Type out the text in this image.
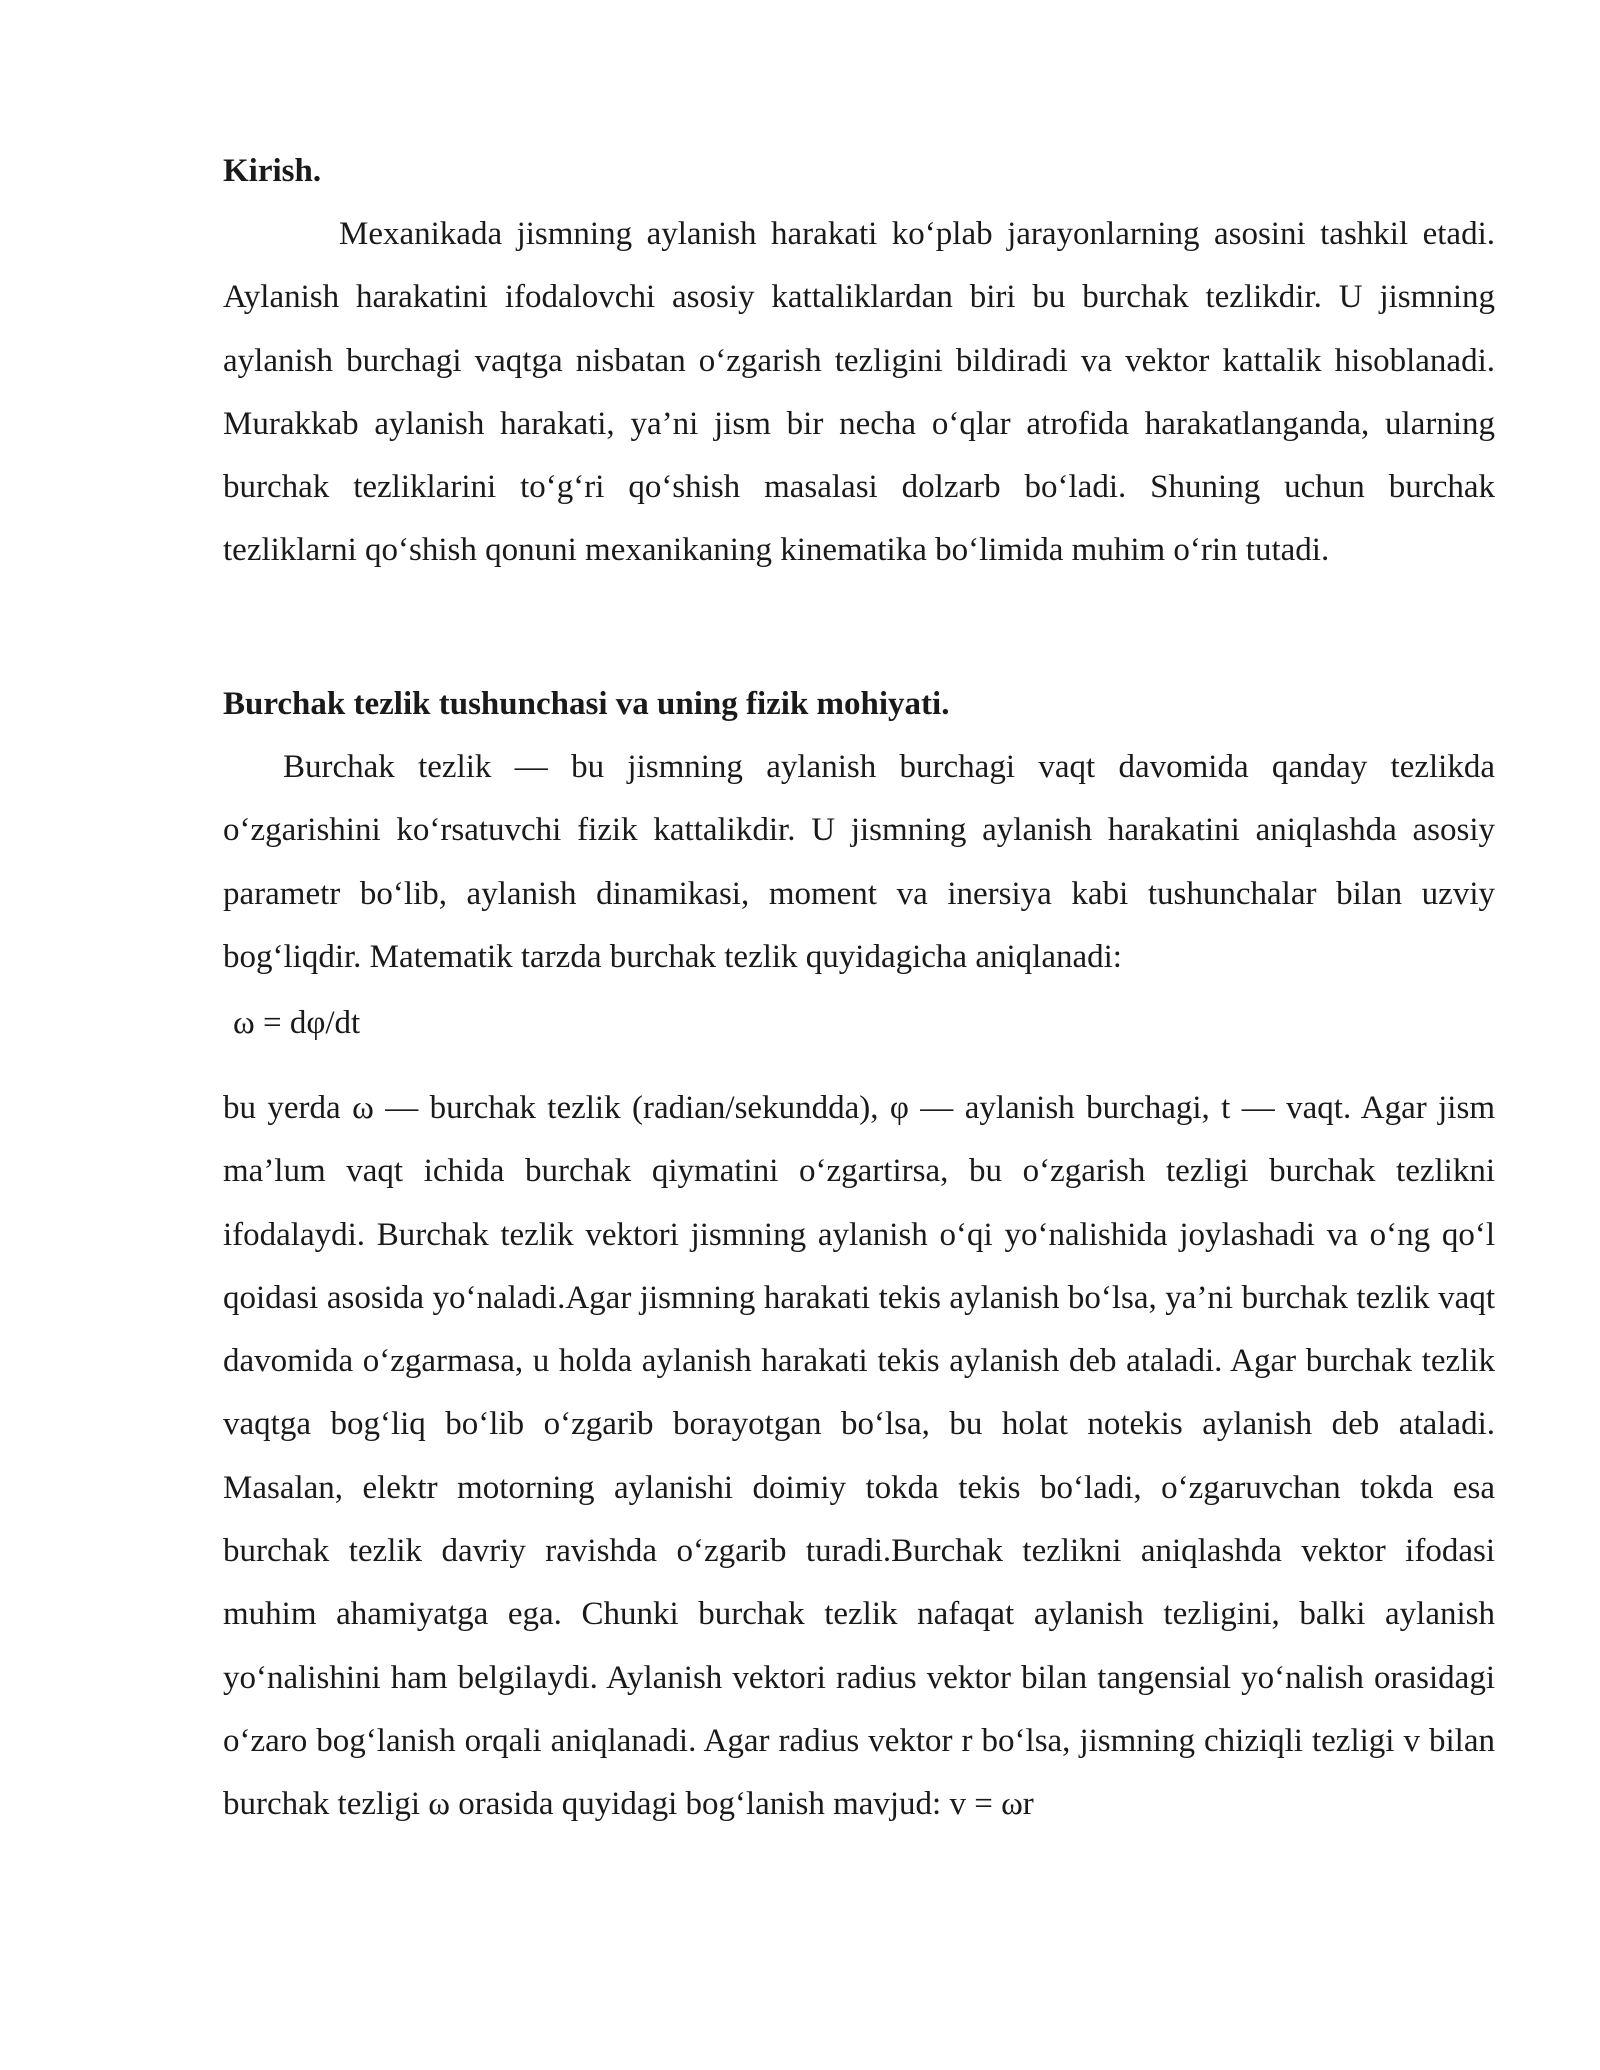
Kirish.

Mexanikada jismning aylanish harakati ko‘plab jarayonlarning asosini tashkil etadi. Aylanish harakatini ifodalovchi asosiy kattaliklardan biri bu burchak tezlikdir. U jismning aylanish burchagi vaqtga nisbatan o‘zgarish tezligini bildiradi va vektor kattalik hisoblanadi. Murakkab aylanish harakati, ya’ni jism bir necha o‘qlar atrofida harakatlanganda, ularning burchak tezliklarini to‘g‘ri qo‘shish masalasi dolzarb bo‘ladi. Shuning uchun burchak tezliklarni qo‘shish qonuni mexanikaning kinematika bo‘limida muhim o‘rin tutadi.

Burchak tezlik tushunchasi va uning fizik mohiyati.

Burchak tezlik — bu jismning aylanish burchagi vaqt davomida qanday tezlikda o‘zgarishini ko‘rsatuvchi fizik kattalikdir. U jismning aylanish harakatini aniqlashda asosiy parametr bo‘lib, aylanish dinamikasi, moment va inersiya kabi tushunchalar bilan uzviy bog‘liqdir. Matematik tarzda burchak tezlik quyidagicha aniqlanadi:

ω = dφ/dt

bu yerda ω — burchak tezlik (radian/sekundda), φ — aylanish burchagi, t — vaqt. Agar jism ma’lum vaqt ichida burchak qiymatini o‘zgartirsa, bu o‘zgarish tezligi burchak tezlikni ifodalaydi. Burchak tezlik vektori jismning aylanish o‘qi yo‘nalishida joylashadi va o‘ng qo‘l qoidasi asosida yo‘naladi.Agar jismning harakati tekis aylanish bo‘lsa, ya’ni burchak tezlik vaqt davomida o‘zgarmasa, u holda aylanish harakati tekis aylanish deb ataladi. Agar burchak tezlik vaqtga bog‘liq bo‘lib o‘zgarib borayotgan bo‘lsa, bu holat notekis aylanish deb ataladi. Masalan, elektr motorning aylanishi doimiy tokda tekis bo‘ladi, o‘zgaruvchan tokda esa burchak tezlik davriy ravishda o‘zgarib turadi.Burchak tezlikni aniqlashda vektor ifodasi muhim ahamiyatga ega. Chunki burchak tezlik nafaqat aylanish tezligini, balki aylanish yo‘nalishini ham belgilaydi. Aylanish vektori radius vektor bilan tangensial yo‘nalish orasidagi o‘zaro bog‘lanish orqali aniqlanadi. Agar radius vektor r bo‘lsa, jismning chiziqli tezligi v bilan burchak tezligi ω orasida quyidagi bog‘lanish mavjud: v = ωr
